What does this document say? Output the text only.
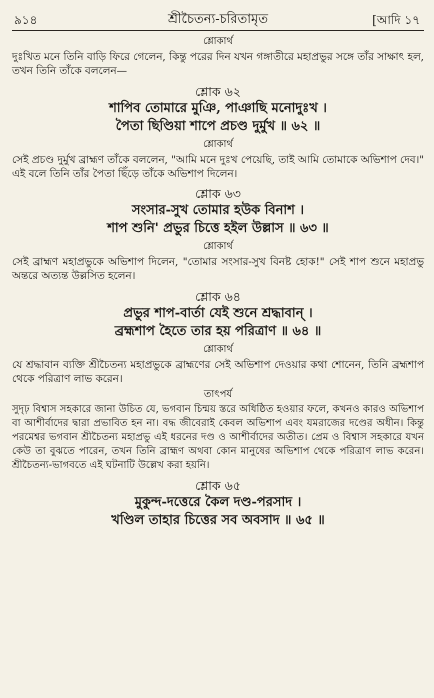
৯১৪	শ্রীচৈতন্য-চরিতামৃত	[আদি ১৭
শ্লোকার্থ

দুঃখিত মনে তিনি বাড়ি ফিরে গেলেন, কিন্তু পরের দিন যখন গঙ্গাতীরে মহাপ্রভুর সঙ্গে তাঁর সাক্ষাৎ হল, তখন তিনি তাঁকে বললেন—

শ্লোক ৬২
শাপিব তোমারে মুঞি, পাঞাছি মনোদুঃখ ।
পৈতা ছিণ্ডিয়া শাপে প্রচণ্ড দুর্মুখ ॥ ৬২ ॥
শ্লোকার্থ

সেই প্রচণ্ড দুর্মুখ ব্রাহ্মণ তাঁকে বললেন, "আমি মনে দুঃখ পেয়েছি, তাই আমি তোমাকে অভিশাপ দেব।" এই বলে তিনি তাঁর পৈতা ছিঁড়ে তাঁকে অভিশাপ দিলেন।

শ্লোক ৬৩
সংসার-সুখ তোমার হউক বিনাশ ।
শাপ শুনি' প্রভুর চিত্তে হইল উল্লাস ॥ ৬৩ ॥
শ্লোকার্থ

সেই ব্রাহ্মণ মহাপ্রভুকে অভিশাপ দিলেন, "তোমার সংসার-সুখ বিনষ্ট হোক!" সেই শাপ শুনে মহাপ্রভু অন্তরে অত্যন্ত উল্লসিত হলেন।

শ্লোক ৬৪
প্রভুর শাপ-বার্তা যেই শুনে শ্রদ্ধাবান্ ।
ব্রহ্মশাপ হৈতে তার হয় পরিত্রাণ ॥ ৬৪ ॥
শ্লোকার্থ

যে শ্রদ্ধাবান ব্যক্তি শ্রীচৈতন্য মহাপ্রভুকে ব্রাহ্মণের সেই অভিশাপ দেওয়ার কথা শোনেন, তিনি ব্রহ্মশাপ থেকে পরিত্রাণ লাভ করেন।

তাৎপর্য

সুদৃঢ় বিশ্বাস সহকারে জানা উচিত যে, ভগবান চিন্ময় স্তরে অধিষ্ঠিত হওয়ার ফলে, কখনও কারও অভিশাপ বা আশীর্বাদের দ্বারা প্রভাবিত হন না। বদ্ধ জীবেরাই কেবল অভিশাপ এবং যমরাজের দণ্ডের অধীন। কিন্তু পরমেশ্বর ভগবান শ্রীচৈতন্য মহাপ্রভু এই ধরনের দণ্ড ও আশীর্বাদের অতীত। প্রেম ও বিশ্বাস সহকারে যখন কেউ তা বুঝতে পারেন, তখন তিনি ব্রাহ্মণ অথবা কোন মানুষের অভিশাপ থেকে পরিত্রাণ লাভ করেন। শ্রীচৈতন্য-ভাগবতে এই ঘটনাটি উল্লেখ করা হয়নি।

শ্লোক ৬৫
মুকুন্দ-দত্তেরে কৈল দণ্ড-পরসাদ ।
খণ্ডিল তাহার চিত্তের সব অবসাদ ॥ ৬৫ ॥
